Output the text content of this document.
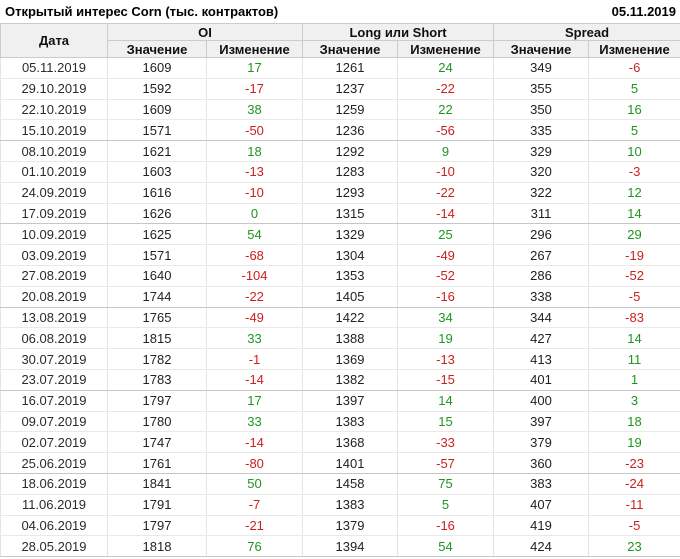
Открытый интерес Corn (тыс. контрактов)	05.11.2019
Дата	OI		Long или Short		Spread	
	Значение	Изменение	Значение	Изменение	Значение	Изменение
05.11.2019	1609	17	1261	24	349	-6
29.10.2019	1592	-17	1237	-22	355	5
22.10.2019	1609	38	1259	22	350	16
15.10.2019	1571	-50	1236	-56	335	5
08.10.2019	1621	18	1292	9	329	10
01.10.2019	1603	-13	1283	-10	320	-3
24.09.2019	1616	-10	1293	-22	322	12
17.09.2019	1626	0	1315	-14	311	14
10.09.2019	1625	54	1329	25	296	29
03.09.2019	1571	-68	1304	-49	267	-19
27.08.2019	1640	-104	1353	-52	286	-52
20.08.2019	1744	-22	1405	-16	338	-5
13.08.2019	1765	-49	1422	34	344	-83
06.08.2019	1815	33	1388	19	427	14
30.07.2019	1782	-1	1369	-13	413	11
23.07.2019	1783	-14	1382	-15	401	1
16.07.2019	1797	17	1397	14	400	3
09.07.2019	1780	33	1383	15	397	18
02.07.2019	1747	-14	1368	-33	379	19
25.06.2019	1761	-80	1401	-57	360	-23
18.06.2019	1841	50	1458	75	383	-24
11.06.2019	1791	-7	1383	5	407	-11
04.06.2019	1797	-21	1379	-16	419	-5
28.05.2019	1818	76	1394	54	424	23
